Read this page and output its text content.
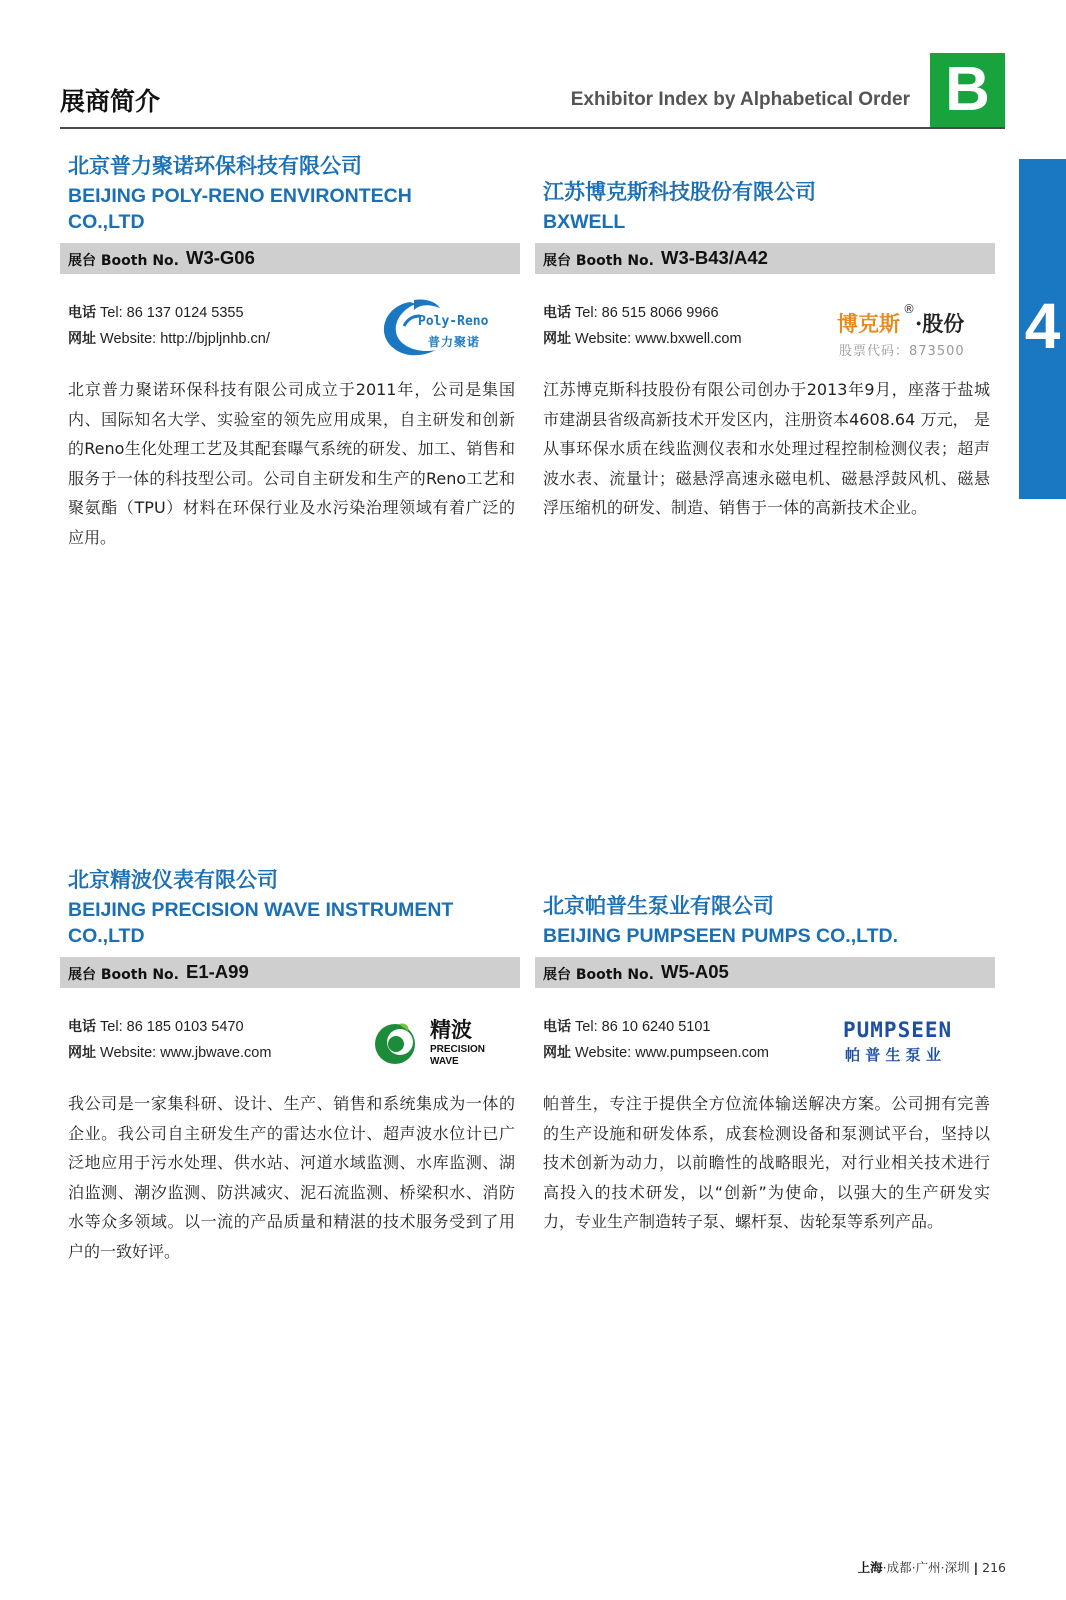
展商简介	Exhibitor Index by Alphabetical Order B
4
北京普力聚诺环保科技有限公司
BEIJING POLY-RENO ENVIRONTECH
CO.,LTD
展台 Booth No. W3-G06
电话 Tel: 86 137 0124 5355
网址 Website: http://bjpljnhb.cn/
Poly-Reno
普力聚诺
北京普力聚诺环保科技有限公司成立于2011年，公司是集国内、国际知名大学、实验室的领先应用成果，自主研发和创新的Reno生化处理工艺及其配套曝气系统的研发、加工、销售和服务于一体的科技型公司。公司自主研发和生产的Reno工艺和聚氨酯（TPU）材料在环保行业及水污染治理领域有着广泛的应用。
江苏博克斯科技股份有限公司
BXWELL
展台 Booth No. W3-B43/A42
电话 Tel: 86 515 8066 9966
网址 Website: www.bxwell.com
博克斯
®
·股份
股票代码：873500
江苏博克斯科技股份有限公司创办于2013年9月，座落于盐城市建湖县省级高新技术开发区内，注册资本4608.64 万元， 是从事环保水质在线监测仪表和水处理过程控制检测仪表；超声波水表、流量计；磁悬浮高速永磁电机、磁悬浮鼓风机、磁悬浮压缩机的研发、制造、销售于一体的高新技术企业。
北京精波仪表有限公司
BEIJING PRECISION WAVE INSTRUMENT
CO.,LTD
展台 Booth No. E1-A99
电话 Tel: 86 185 0103 5470
网址 Website: www.jbwave.com
精波
PRECISION
WAVE
我公司是一家集科研、设计、生产、销售和系统集成为一体的企业。我公司自主研发生产的雷达水位计、超声波水位计已广泛地应用于污水处理、供水站、河道水域监测、水库监测、湖泊监测、潮汐监测、防洪减灾、泥石流监测、桥梁积水、消防水等众多领域。以一流的产品质量和精湛的技术服务受到了用户的一致好评。
北京帕普生泵业有限公司
BEIJING PUMPSEEN PUMPS CO.,LTD.
展台 Booth No. W5-A05
电话 Tel: 86 10 6240 5101
网址 Website: www.pumpseen.com
PUMPSEEN
帕 普 生 泵 业
帕普生，专注于提供全方位流体输送解决方案。公司拥有完善的生产设施和研发体系，成套检测设备和泵测试平台，坚持以技术创新为动力，以前瞻性的战略眼光，对行业相关技术进行高投入的技术研发，以“创新”为使命，以强大的生产研发实力，专业生产制造转子泵、螺杆泵、齿轮泵等系列产品。
上海·成都·广州·深圳 | 216
